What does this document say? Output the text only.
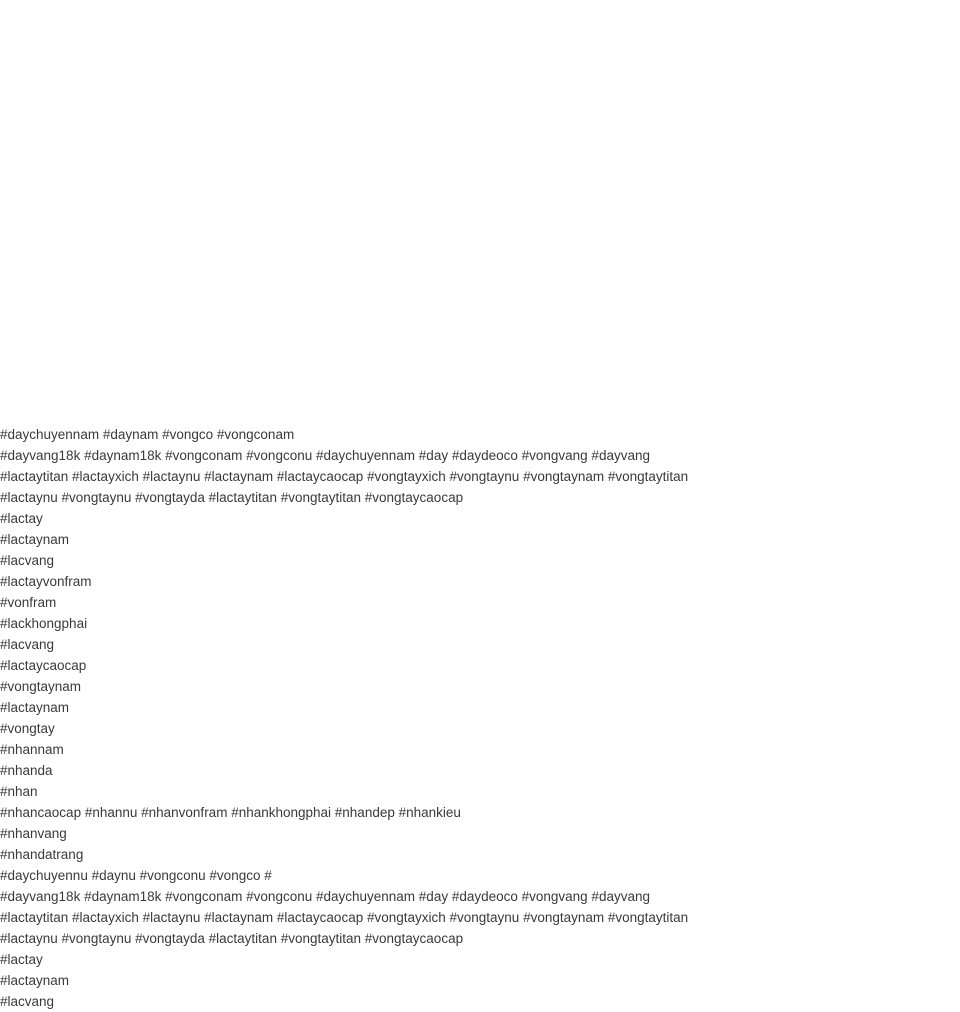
#daychuyennam #daynam #vongco #vongconam
#dayvang18k #daynam18k #vongconam #vongconu #daychuyennam #day #daydeoco #vongvang #dayvang
#lactaytitan #lactayxich #lactaynu #lactaynam #lactaycaocap #vongtayxich #vongtaynu #vongtaynam #vongtaytitan
#lactaynu #vongtaynu #vongtayda #lactaytitan #vongtaytitan #vongtaycaocap
#lactay
#lactaynam
#lacvang
#lactayvonfram
#vonfram
#lackhongphai
#lacvang
#lactaycaocap
#vongtaynam
#lactaynam
#vongtay
#nhannam
#nhanda
#nhan
#nhancaocap #nhannu #nhanvonfram #nhankhongphai #nhandep #nhankieu
#nhanvang
#nhandatrang
#daychuyennu #daynu #vongconu #vongco #
#dayvang18k #daynam18k #vongconam #vongconu #daychuyennam #day #daydeoco #vongvang #dayvang
#lactaytitan #lactayxich #lactaynu #lactaynam #lactaycaocap #vongtayxich #vongtaynu #vongtaynam #vongtaytitan
#lactaynu #vongtaynu #vongtayda #lactaytitan #vongtaytitan #vongtaycaocap
#lactay
#lactaynam
#lacvang
